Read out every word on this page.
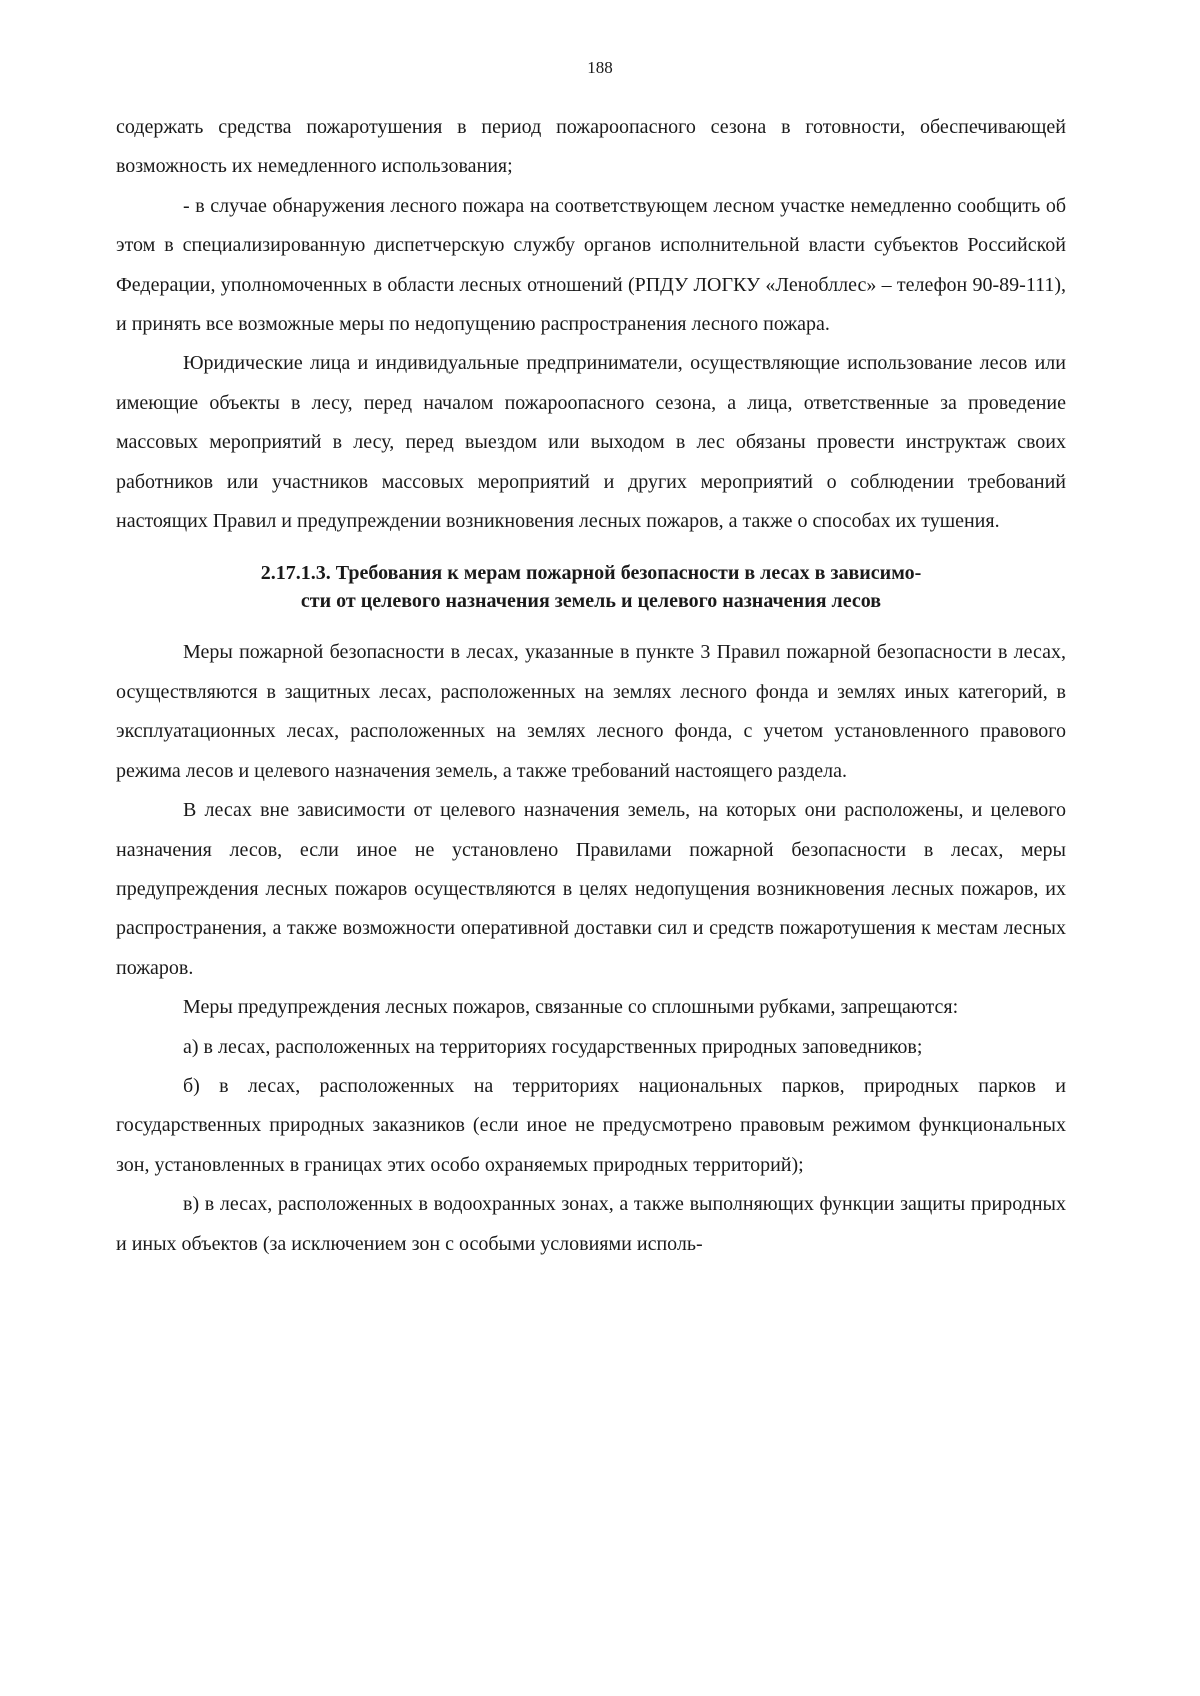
188

содержать средства пожаротушения в период пожароопасного сезона в готовности, обеспечивающей возможность их немедленного использования;

- в случае обнаружения лесного пожара на соответствующем лесном участке немедленно сообщить об этом в специализированную диспетчерскую службу органов исполнительной власти субъектов Российской Федерации, уполномоченных в области лесных отношений (РПДУ ЛОГКУ «Ленобллес» – телефон 90-89-111), и принять все возможные меры по недопущению распространения лесного пожара.

Юридические лица и индивидуальные предприниматели, осуществляющие использование лесов или имеющие объекты в лесу, перед началом пожароопасного сезона, а лица, ответственные за проведение массовых мероприятий в лесу, перед выездом или выходом в лес обязаны провести инструктаж своих работников или участников массовых мероприятий и других мероприятий о соблюдении требований настоящих Правил и предупреждении возникновения лесных пожаров, а также о способах их тушения.

2.17.1.3. Требования к мерам пожарной безопасности в лесах в зависимо-
сти от целевого назначения земель и целевого назначения лесов

Меры пожарной безопасности в лесах, указанные в пункте 3 Правил пожарной безопасности в лесах, осуществляются в защитных лесах, расположенных на землях лесного фонда и землях иных категорий, в эксплуатационных лесах, расположенных на землях лесного фонда, с учетом установленного правового режима лесов и целевого назначения земель, а также требований настоящего раздела.

В лесах вне зависимости от целевого назначения земель, на которых они расположены, и целевого назначения лесов, если иное не установлено Правилами пожарной безопасности в лесах, меры предупреждения лесных пожаров осуществляются в целях недопущения возникновения лесных пожаров, их распространения, а также возможности оперативной доставки сил и средств пожаротушения к местам лесных пожаров.

Меры предупреждения лесных пожаров, связанные со сплошными рубками, запрещаются:

а) в лесах, расположенных на территориях государственных природных заповедников;

б) в лесах, расположенных на территориях национальных парков, природных парков и государственных природных заказников (если иное не предусмотрено правовым режимом функциональных зон, установленных в границах этих особо охраняемых природных территорий);

в) в лесах, расположенных в водоохранных зонах, а также выполняющих функции защиты природных и иных объектов (за исключением зон с особыми условиями исполь-
